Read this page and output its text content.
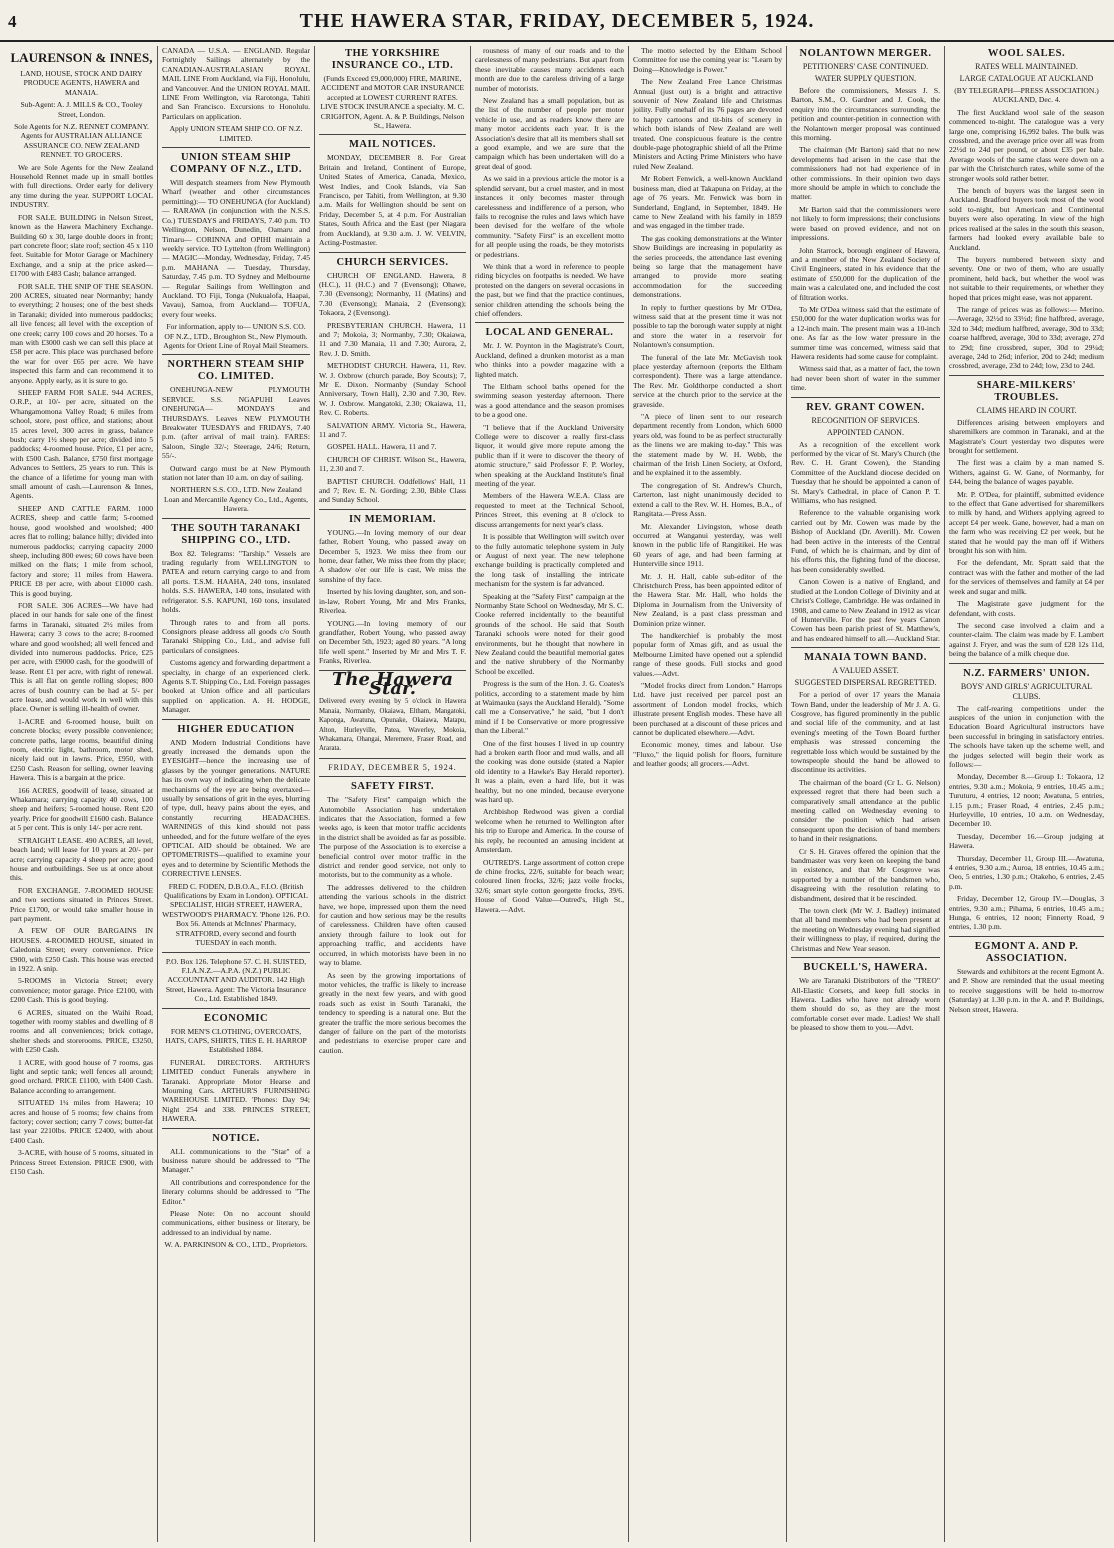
4	THE HAWERA STAR, FRIDAY, DECEMBER 5, 1924.
LAURENSON & INNES,

LAND, HOUSE, STOCK AND DAIRY PRODUCE AGENTS, HAWERA and MANAIA.

Sub-Agent: A. J. MILLS & CO., Tooley Street, London.

Sole Agents for N.Z. RENNET COMPANY. Agents for AUSTRALIAN ALLIANCE ASSURANCE CO. NEW ZEALAND RENNET. TO GROCERS.

We are Sole Agents for the New Zealand Household Rennet made up in small bottles with full directions. Order early for delivery any time during the year. SUPPORT LOCAL INDUSTRY.

FOR SALE. BUILDING in Nelson Street, known as the Hawera Machinery Exchange. Building 60 x 30, large double doors in front; part concrete floor; slate roof; section 45 x 110 feet. Suitable for Motor Garage or Machinery Exchange, and a snip at the price asked—£1700 with £483 Cash; balance arranged.

FOR SALE. THE SNIP OF THE SEASON. 200 ACRES, situated near Normanby; handy to everything; 2 houses; one of the best sheds in Taranaki; divided into numerous paddocks; all live fences; all level with the exception of one creek; carry 100 cows and 20 horses. To a man with £3000 cash we can sell this place at £58 per acre. This place was purchased before the war for over £65 per acre. We have inspected this farm and can recommend it to anyone. Apply early, as it is sure to go.

SHEEP FARM FOR SALE. 944 ACRES, O.R.P., at 10/- per acre, situated on the Whangamomona Valley Road; 6 miles from school, store, post office, and stations; about 15 acres level, 300 acres in grass, balance bush; carry 1½ sheep per acre; divided into 5 paddocks; 4-roomed house. Price, £1 per acre, with £500 Cash. Balance, £750 first mortgage Advances to Settlers, 25 years to run. This is the chance of a lifetime for young man with small amount of cash.—Laurenson & Innes, Agents.

SHEEP AND CATTLE FARM. 1000 ACRES, sheep and cattle farm; 5-roomed house, good woolshed and woolshed; 400 acres flat to rolling; balance hilly; divided into numerous paddocks; carrying capacity 2000 sheep, including 800 ewes; 60 cows have been milked on the flats; 1 mile from school, factory and store; 11 miles from Hawera. PRICE £8 per acre, with about £1000 cash. This is good buying.

FOR SALE. 306 ACRES—We have had placed in our hands for sale one of the finest farms in Taranaki, situated 2½ miles from Hawera; carry 3 cows to the acre; 8-roomed whare and good woolshed; all well fenced and divided into numerous paddocks. Price, £25 per acre, with £9000 cash, for the goodwill of lease. Rent £1 per acre, with right of renewal. This is all flat on gentle rolling slopes; 800 acres of bush country can be had at 5/- per acre lease, and would work in well with this place. Owner is selling ill-health of owner.

1-ACRE and 6-roomed house, built on concrete blocks; every possible convenience; concrete paths, large rooms, beautiful dining room, electric light, bathroom, motor shed, nicely laid out in lawns. Price, £950, with £250 Cash. Reason for selling, owner leaving Hawera. This is a bargain at the price.

166 ACRES, goodwill of lease, situated at Whakamara; carrying capacity 40 cows, 100 sheep and heifers; 5-roomed house. Rent £20 yearly. Price for goodwill £1600 cash. Balance at 5 per cent. This is only 14/- per acre rent.

STRAIGHT LEASE. 490 ACRES, all level, beach land; will lease for 10 years at 20/- per acre; carrying capacity 4 sheep per acre; good house and outbuildings. See us at once about this.

FOR EXCHANGE. 7-ROOMED HOUSE and two sections situated in Princes Street. Price £1700, or would take smaller house in part payment.

A FEW OF OUR BARGAINS IN HOUSES. 4-ROOMED HOUSE, situated in Caledonia Street; every convenience. Price £900, with £250 Cash. This house was erected in 1922. A snip.

5-ROOMS in Victoria Street; every convenience; motor garage. Price £2100, with £200 Cash. This is good buying.

6 ACRES, situated on the Waihi Road, together with roomy stables and dwelling of 8 rooms and all conveniences; brick cottage, shelter sheds and storerooms. PRICE, £3250, with £250 Cash.

1 ACRE, with good house of 7 rooms, gas light and septic tank; well fences all around; good orchard. PRICE £1100, with £400 Cash. Balance according to arrangement.

SITUATED 1¼ miles from Hawera; 10 acres and house of 5 rooms; few chains from factory; cover section; carry 7 cows; butter-fat last year 2210lbs. PRICE £2400, with about £400 Cash.

3-ACRE, with house of 5 rooms, situated in Princess Street Extension. PRICE £900, with £150 Cash.

CANADA — U.S.A. — ENGLAND. Regular Fortnightly Sailings alternately by the CANADIAN-AUSTRALASIAN ROYAL MAIL LINE From Auckland, via Fiji, Honolulu, and Vancouver. And the UNION ROYAL MAIL LINE From Wellington, via Rarotonga, Tahiti and San Francisco. Excursions to Honolulu. Particulars on application.

Apply UNION STEAM SHIP CO. OF N.Z. LIMITED.

UNION STEAM SHIP COMPANY OF N.Z., LTD.

Will despatch steamers from New Plymouth Wharf (weather and other circumstances permitting):— TO ONEHUNGA (for Auckland)— RARAWA (in conjunction with the N.S.S. Co.) TUESDAYS and FRIDAYS, 7.40 p.m. TO Wellington, Nelson, Dunedin, Oamaru and Timaru— CORINNA and OPIHI maintain a weekly service. TO Lyttelton (from Wellington)— MAGIC—Monday, Wednesday, Friday, 7.45 p.m. MAHANA — Tuesday, Thursday, Saturday, 7.45 p.m. TO Sydney and Melbourne— Regular Sailings from Wellington and Auckland. TO Fiji, Tonga (Nukualofa, Haapai, Vavau), Samoa, from Auckland— TOFUA, every four weeks.

For information, apply to— UNION S.S. CO. OF N.Z., LTD., Broughton St., New Plymouth. Agents for Orient Line of Royal Mail Steamers.

NORTHERN STEAM SHIP CO. LIMITED.

ONEHUNGA-NEW PLYMOUTH SERVICE. S.S. NGAPUHI Leaves ONEHUNGA— MONDAYS and THURSDAYS. Leaves NEW PLYMOUTH Breakwater TUESDAYS and FRIDAYS, 7.40 p.m. (after arrival of mail train). FARES: Saloon, Single 32/-; Steerage, 24/6; Return, 55/-.

Outward cargo must be at New Plymouth station not later than 10 a.m. on day of sailing.

NORTHERN S.S. CO., LTD. New Zealand Loan and Mercantile Agency Co., Ltd., Agents, Hawera.

THE SOUTH TARANAKI SHIPPING CO., LTD.

Box 82. Telegrams: "Tarship." Vessels are trading regularly from WELLINGTON to PATEA and return carrying cargo to and from all ports. T.S.M. HAAHA, 240 tons, insulated holds. S.S. HAWERA, 140 tons, insulated with refrigerator. S.S. KAPUNI, 160 tons, insulated holds.

Through rates to and from all ports. Consignors please address all goods c/o South Taranaki Shipping Co., Ltd., and advise full particulars of consignees.

Customs agency and forwarding department a specialty, in charge of an experienced clerk. Agents S.T. Shipping Co., Ltd. Foreign passages booked at Union office and all particulars supplied on application. A. H. HODGE, Manager.

HIGHER EDUCATION

AND Modern Industrial Conditions have greatly increased the demands upon the EYESIGHT—hence the increasing use of glasses by the younger generations. NATURE has its own way of indicating when the delicate mechanisms of the eye are being overtaxed—usually by sensations of grit in the eyes, blurring of type, dull, heavy pains about the eyes, and constantly recurring HEADACHES. WARNINGS of this kind should not pass unheeded, and for the future welfare of the eyes OPTICAL AID should be obtained. We are OPTOMETRISTS—qualified to examine your eyes and to determine by Scientific Methods the CORRECTIVE LENSES.

FRED C. FODEN, D.B.O.A., F.I.O. (British Qualifications by Exam in London). OPTICAL SPECIALIST, HIGH STREET, HAWERA, WESTWOOD'S PHARMACY. 'Phone 126. P.O. Box 56. Attends at McInnes' Pharmacy, STRATFORD, every second and fourth TUESDAY in each month.

P.O. Box 126. Telephone 57. C. H. SUISTED, F.I.A.N.Z.—A.P.A. (N.Z.) PUBLIC ACCOUNTANT AND AUDITOR. 142 High Street, Hawera. Agent: The Victoria Insurance Co., Ltd. Established 1849.

ECONOMIC

FOR MEN'S CLOTHING, OVERCOATS, HATS, CAPS, SHIRTS, TIES E. H. HARROP Established 1884.

FUNERAL DIRECTORS. ARTHUR'S LIMITED conduct Funerals anywhere in Taranaki. Appropriate Motor Hearse and Mourning Cars. ARTHUR'S FURNISHING WAREHOUSE LIMITED. 'Phones: Day 94; Night 254 and 338. PRINCES STREET, HAWERA.

NOTICE.

ALL communications to the "Star" of a business nature should be addressed to "The Manager."

All contributions and correspondence for the literary columns should be addressed to "The Editor."

Please Note: On no account should communications, either business or literary, be addressed to an individual by name.

W. A. PARKINSON & CO., LTD., Proprietors.

THE YORKSHIRE INSURANCE CO., LTD.

(Funds Exceed £9,000,000) FIRE, MARINE, ACCIDENT and MOTOR CAR INSURANCE accepted at LOWEST CURRENT RATES. LIVE STOCK INSURANCE a specialty. M. C. CRIGHTON, Agent. A. & P. Buildings, Nelson St., Hawera.

MAIL NOTICES.

MONDAY, DECEMBER 8. For Great Britain and Ireland, Continent of Europe, United States of America, Canada, Mexico, West Indies, and Cook Islands, via San Francisco, per Tahiti, from Wellington, at 9.30 a.m. Mails for Wellington should be sent on Friday, December 5, at 4 p.m. For Australian States, South Africa and the East (per Niagara from Auckland), at 9.30 a.m. J. W. VELVIN, Acting-Postmaster.

CHURCH SERVICES.

CHURCH OF ENGLAND. Hawera, 8 (H.C.), 11 (H.C.) and 7 (Evensong); Ohawe, 7.30 (Evensong); Normanby, 11 (Matins) and 7.30 (Evensong); Manaia, 2 (Evensong); Tokaora, 2 (Evensong).

PRESBYTERIAN CHURCH. Hawera, 11 and 7; Mokoia, 3; Normanby, 7.30; Okaiawa, 11 and 7.30 Manaia, 11 and 7.30; Aurora, 2, Rev. J. D. Smith.

METHODIST CHURCH. Hawera, 11, Rev. W. J. Oxbrow (church parade, Boy Scouts); 7, Mr E. Dixon. Normanby (Sunday School Anniversary, Town Hall), 2.30 and 7.30, Rev. W. J. Oxbrow. Mangatoki, 2.30; Okaiawa, 11, Rev. C. Roberts.

SALVATION ARMY. Victoria St., Hawera, 11 and 7.

GOSPEL HALL. Hawera, 11 and 7.

CHURCH OF CHRIST. Wilson St., Hawera, 11, 2.30 and 7.

BAPTIST CHURCH. Oddfellows' Hall, 11 and 7; Rev. E. N. Gording; 2.30, Bible Class and Sunday School.

IN MEMORIAM.

YOUNG.—In loving memory of our dear father, Robert Young, who passed away on December 5, 1923. We miss thee from our home, dear father, We miss thee from thy place; A shadow o'er our life is cast, We miss the sunshine of thy face.

Inserted by his loving daughter, son, and son-in-law, Robert Young, Mr and Mrs Franks, Riverlea.

YOUNG.—In loving memory of our grandfather, Robert Young, who passed away on December 5th, 1923; aged 80 years. "A long life well spent." Inserted by Mr and Mrs T. F. Franks, Riverlea.

The Hawera Star.

Delivered every evening by 5 o'clock in Hawera Manaia, Normanby, Okaiawa, Eltham, Mangatoki, Kaponga, Awatuna, Opunake, Okaiawa, Matapu, Alton, Hurleyville, Patea, Waverley, Mokoia, Whakamara, Ohangai, Meremere, Fraser Road, and Ararata.

FRIDAY, DECEMBER 5, 1924.
SAFETY FIRST.

The "Safety First" campaign which the Automobile Association has undertaken indicates that the Association, formed a few weeks ago, is keen that motor traffic accidents in the district shall be avoided as far as possible. The purpose of the Association is to exercise a beneficial control over motor traffic in the district and render good service, not only to motorists, but to the community as a whole.

The addresses delivered to the children attending the various schools in the district have, we hope, impressed upon them the need for caution and how serious may be the results of carelessness. Children have often caused anxiety through failure to look out for approaching traffic, and accidents have occurred, in which motorists have been in no way to blame.

As seen by the growing importations of motor vehicles, the traffic is likely to increase greatly in the next few years, and with good roads such as exist in South Taranaki, the tendency to speeding is a natural one. But the greater the traffic the more serious becomes the danger of failure on the part of the motorists and pedestrians to exercise proper care and caution.

rousness of many of our roads and to the carelessness of many pedestrians. But apart from these inevitable causes many accidents each month are due to the careless driving of a large number of motorists.

New Zealand has a small population, but as the list of the number of people per motor vehicle in use, and as readers know there are many motor accidents each year. It is the Association's desire that all its members shall set a good example, and we are sure that the campaign which has been undertaken will do a great deal of good.

As we said in a previous article the motor is a splendid servant, but a cruel master, and in most instances it only becomes master through carelessness and indifference of a person, who fails to recognise the rules and laws which have been devised for the welfare of the whole community. "Safety First" is an excellent motto for all people using the roads, be they motorists or pedestrians.

We think that a word in reference to people riding bicycles on footpaths is needed. We have protested on the dangers on several occasions in the past, but we find that the practice continues, senior children attending the schools being the chief offenders.

LOCAL AND GENERAL.

Mr. J. W. Poynton in the Magistrate's Court, Auckland, defined a drunken motorist as a man who thinks into a powder magazine with a lighted match.

The Eltham school baths opened for the swimming season yesterday afternoon. There was a good attendance and the season promises to be a good one.

"I believe that if the Auckland University College were to discover a really first-class liquor, it would give more repute among the public than if it were to discover the theory of atomic structure," said Professor F. P. Worley, when speaking at the Auckland Institute's final meeting of the year.

Members of the Hawera W.E.A. Class are requested to meet at the Technical School, Princes Street, this evening at 8 o'clock to discuss arrangements for next year's class.

It is possible that Wellington will switch over to the fully automatic telephone system in July or August of next year. The new telephone exchange building is practically completed and the long task of installing the intricate mechanism for the system is far advanced.

Speaking at the "Safety First" campaign at the Normanby State School on Wednesday, Mr S. C. Cooke referred incidentally to the beautiful grounds of the school. He said that South Taranaki schools were noted for their good environments, but he thought that nowhere in New Zealand could the beautiful memorial gates and the native shrubbery of the Normanby School be excelled.

Progress is the sum of the Hon. J. G. Coates's politics, according to a statement made by him at Waimauku (says the Auckland Herald). "Some call me a Conservative," he said, "but I don't mind if I be Conservative or more progressive than the Liberal."

One of the first houses I lived in up country had a broken earth floor and mud walls, and all the cooking was done outside (stated a Napier old identity to a Hawke's Bay Herald reporter). It was a plain, even a hard life, but it was healthy, but no one minded, because everyone was hard up.

Archbishop Redwood was given a cordial welcome when he returned to Wellington after his trip to Europe and America. In the course of his reply, he recounted an amusing incident at Amsterdam.

OUTRED'S. Large assortment of cotton crepe de chine frocks, 22/6, suitable for beach wear; coloured linen frocks, 32/6; jazz voile frocks, 32/6; smart style cotton georgette frocks, 39/6. House of Good Value—Outred's, High St., Hawera.—Advt.

The motto selected by the Eltham School Committee for use the coming year is: "Learn by Doing—Knowledge is Power."

The New Zealand Free Lance Christmas Annual (just out) is a bright and attractive souvenir of New Zealand life and Christmas joility. Fully onehalf of its 76 pages are devoted to happy cartoons and tit-bits of scenery in which both islands of New Zealand are well treated. One conspicuous feature is the centre double-page photographic shield of all the Prime Ministers and Acting Prime Ministers who have ruled New Zealand.

Mr Robert Fenwick, a well-known Auckland business man, died at Takapuna on Friday, at the age of 76 years. Mr. Fenwick was born in Sunderland, England, in September, 1849. He came to New Zealand with his family in 1859 and was engaged in the timber trade.

The gas cooking demonstrations at the Winter Show Buildings are increasing in popularity as the series proceeds, the attendance last evening being so large that the management have arranged to provide more seating accommodation for the succeeding demonstrations.

In reply to further questions by Mr O'Dea, witness said that at the present time it was not possible to tap the borough water supply at night and store the water in a reservoir for Nolantown's consumption.

The funeral of the late Mr. McGavish took place yesterday afternoon (reports the Eltham correspondent). There was a large attendance. The Rev. Mr. Goldthorpe conducted a short service at the church prior to the service at the graveside.

"A piece of linen sent to our research department recently from London, which 6000 years old, was found to be as perfect structurally as the linens we are making to-day." This was the statement made by W. H. Webb, the chairman of the Irish Linen Society, at Oxford, and he explained it to the assembly.

The congregation of St. Andrew's Church, Carterton, last night unanimously decided to extend a call to the Rev. W. H. Homes, B.A., of Rangitata.—Press Assn.

Mr. Alexander Livingston, whose death occurred at Wanganui yesterday, was well known in the public life of Rangitikei. He was 60 years of age, and had been farming at Hunterville since 1911.

Mr. J. H. Hall, cable sub-editor of the Christchurch Press, has been appointed editor of the Hawera Star. Mr. Hall, who holds the Diploma in Journalism from the University of New Zealand, is a past class pressman and Dominion prize winner.

The handkerchief is probably the most popular form of Xmas gift, and as usual the Melbourne Limited have opened out a splendid range of these goods. Full stocks and good values.—Advt.

"Model frocks direct from London." Harrops Ltd. have just received per parcel post an assortment of London model frocks, which illustrate present English modes. These have all been purchased at a discount of these prices and cannot be duplicated elsewhere.—Advt.

Economic money, times and labour. Use "Fluxo," the liquid polish for floors, furniture and leather goods; all grocers.—Advt.

NOLANTOWN MERGER.
PETITIONERS' CASE CONTINUED.
WATER SUPPLY QUESTION.

Before the commissioners, Messrs J. S. Barton, S.M., O. Gardner and J. Cook, the enquiry into the circumstances surrounding the petition and counter-petition in connection with the Nolantown merger proposal was continued this morning.

The chairman (Mr Barton) said that no new developments had arisen in the case that the commissioners had not had experience of in other commissions. In their opinion two days more should be ample in which to conclude the matter.

Mr Barton said that the commissioners were not likely to form impressions; their conclusions were based on proved evidence, and not on impressions.

John Starrock, borough engineer of Hawera, and a member of the New Zealand Society of Civil Engineers, stated in his evidence that the estimate of £50,000 for the duplication of the main was a calculated one, and included the cost of filtration works.

To Mr O'Dea witness said that the estimate of £50,000 for the water duplication works was for a 12-inch main. The present main was a 10-inch one. As far as the low water pressure in the summer time was concerned, witness said that Hawera residents had some cause for complaint.

Witness said that, as a matter of fact, the town had never been short of water in the summer time.

REV. GRANT COWEN.
RECOGNITION OF SERVICES.
APPOINTED CANON.

As a recognition of the excellent work performed by the vicar of St. Mary's Church (the Rev. C. H. Grant Cowen), the Standing Committee of the Auckland diocese decided on Tuesday that he should be appointed a canon of St. Mary's Cathedral, in place of Canon P. T. Williams, who has resigned.

Reference to the valuable organising work carried out by Mr. Cowen was made by the Bishop of Auckland (Dr. Averill). Mr. Cowen had been active in the interests of the Central Fund, of which he is chairman, and by dint of his efforts this, the fighting fund of the diocese, has been considerably swelled.

Canon Cowen is a native of England, and studied at the London College of Divinity and at Christ's College, Cambridge. He was ordained in 1908, and came to New Zealand in 1912 as vicar of Hunterville. For the past few years Canon Cowen has been parish priest of St. Matthew's, and has endeared himself to all.—Auckland Star.

MANAIA TOWN BAND.
A VALUED ASSET.
SUGGESTED DISPERSAL REGRETTED.

For a period of over 17 years the Manaia Town Band, under the leadership of Mr J. A. G. Cosgrove, has figured prominently in the public and social life of the community, and at last evening's meeting of the Town Board further emphasis was stressed concerning the regrettable loss which would be sustained by the townspeople should the band be allowed to discontinue its activities.

The chairman of the board (Cr L. G. Nelson) expressed regret that there had been such a comparatively small attendance at the public meeting called on Wednesday evening to consider the position which had arisen consequent upon the decision of band members to hand in their resignations.

Cr S. H. Graves offered the opinion that the bandmaster was very keen on keeping the band in existence, and that Mr Cosgrove was supported by a number of the bandsmen who, disagreeing with the resolution relating to disbandment, desired that it be rescinded.

The town clerk (Mr W. J. Badley) intimated that all band members who had been present at the meeting on Wednesday evening had signified their willingness to play, if required, during the Christmas and New Year season.

BUCKELL'S, HAWERA.

We are Taranaki Distributors of the "TREO" All-Elastic Corsets, and keep full stocks in Hawera. Ladies who have not already worn them should do so, as they are the most comfortable corset ever made. Ladies! We shall be pleased to show them to you.—Advt.

WOOL SALES.
RATES WELL MAINTAINED.
LARGE CATALOGUE AT AUCKLAND

(BY TELEGRAPH—PRESS ASSOCIATION.) AUCKLAND, Dec. 4.

The first Auckland wool sale of the season commenced to-night. The catalogue was a very large one, comprising 16,992 bales. The bulk was crossbred, and the average price over all was from 22½d to 24d per pound, or about £35 per bale. Average wools of the same class were down on a par with the Christchurch rates, while some of the stronger wools sold rather better.

The bench of buyers was the largest seen in Auckland. Bradford buyers took most of the wool sold to-night, but American and Continental buyers were also operating. In view of the high prices realised at the sales in the south this season, farmers had looked every available bale to Auckland.

The buyers numbered between sixty and seventy. One or two of them, who are usually prominent, held back, but whether the wool was not suitable to their requirements, or whether they hoped that prices might ease, was not apparent.

The range of prices was as follows:— Merino.—Average, 32½d to 33½d; fine halfbred, average, 32d to 34d; medium halfbred, average, 30d to 33d; coarse halfbred, average, 30d to 33d; average, 27d to 29d; fine crossbred, super, 30d to 29¼d; average, 24d to 26d; inferior, 20d to 24d; medium crossbred, average, 23d to 24d; low, 23d to 24d.

SHARE-MILKERS' TROUBLES.
CLAIMS HEARD IN COURT.

Differences arising between employers and sharemilkers are common in Taranaki, and at the Magistrate's Court yesterday two disputes were brought for settlement.

The first was a claim by a man named S. Withers, against G. W. Gane, of Normanby, for £44, being the balance of wages payable.

Mr. P. O'Dea, for plaintiff, submitted evidence to the effect that Gane advertised for sharemilkers to milk by hand, and Withers applying agreed to accept £4 per week. Gane, however, had a man on the farm who was receiving £2 per week, but he stated that he would pay the man off if Withers brought his son with him.

For the defendant, Mr. Spratt said that the contract was with the father and mother of the lad for the services of themselves and family at £4 per week and sugar and milk.

The Magistrate gave judgment for the defendant, with costs.

The second case involved a claim and a counter-claim. The claim was made by F. Lambert against J. Fryer, and was the sum of £28 12s 11d, being the balance of a milk cheque due.

N.Z. FARMERS' UNION.
BOYS' AND GIRLS' AGRICULTURAL CLUBS.

The calf-rearing competitions under the auspices of the union in conjunction with the Education Board Agricultural instructors have been successful in bringing in satisfactory entries. The schools have taken up the scheme well, and the judges selected will begin their work as follows:—

Monday, December 8.—Group I.: Tokaora, 12 entries, 9.30 a.m.; Mokoia, 9 entries, 10.45 a.m.; Turuturu, 4 entries, 12 noon; Awatuna, 5 entries, 1.15 p.m.; Fraser Road, 4 entries, 2.45 p.m.; Hurleyville, 10 entries, 10 a.m. on Wednesday, December 10.

Tuesday, December 16.—Group judging at Hawera.

Thursday, December 11, Group III.—Awatuna, 4 entries, 9.30 a.m.; Auroa, 18 entries, 10.45 a.m.; Oeo, 5 entries, 1.30 p.m.; Otakeho, 6 entries, 2.45 p.m.

Friday, December 12, Group IV.—Douglas, 3 entries, 9.30 a.m.; Pihama, 6 entries, 10.45 a.m.; Hunga, 6 entries, 12 noon; Finnerty Road, 9 entries, 1.30 p.m.

EGMONT A. AND P. ASSOCIATION.

Stewards and exhibitors at the recent Egmont A. and P. Show are reminded that the usual meeting to receive suggestions will be held to-morrow (Saturday) at 1.30 p.m. in the A. and P. Buildings, Nelson street, Hawera.
